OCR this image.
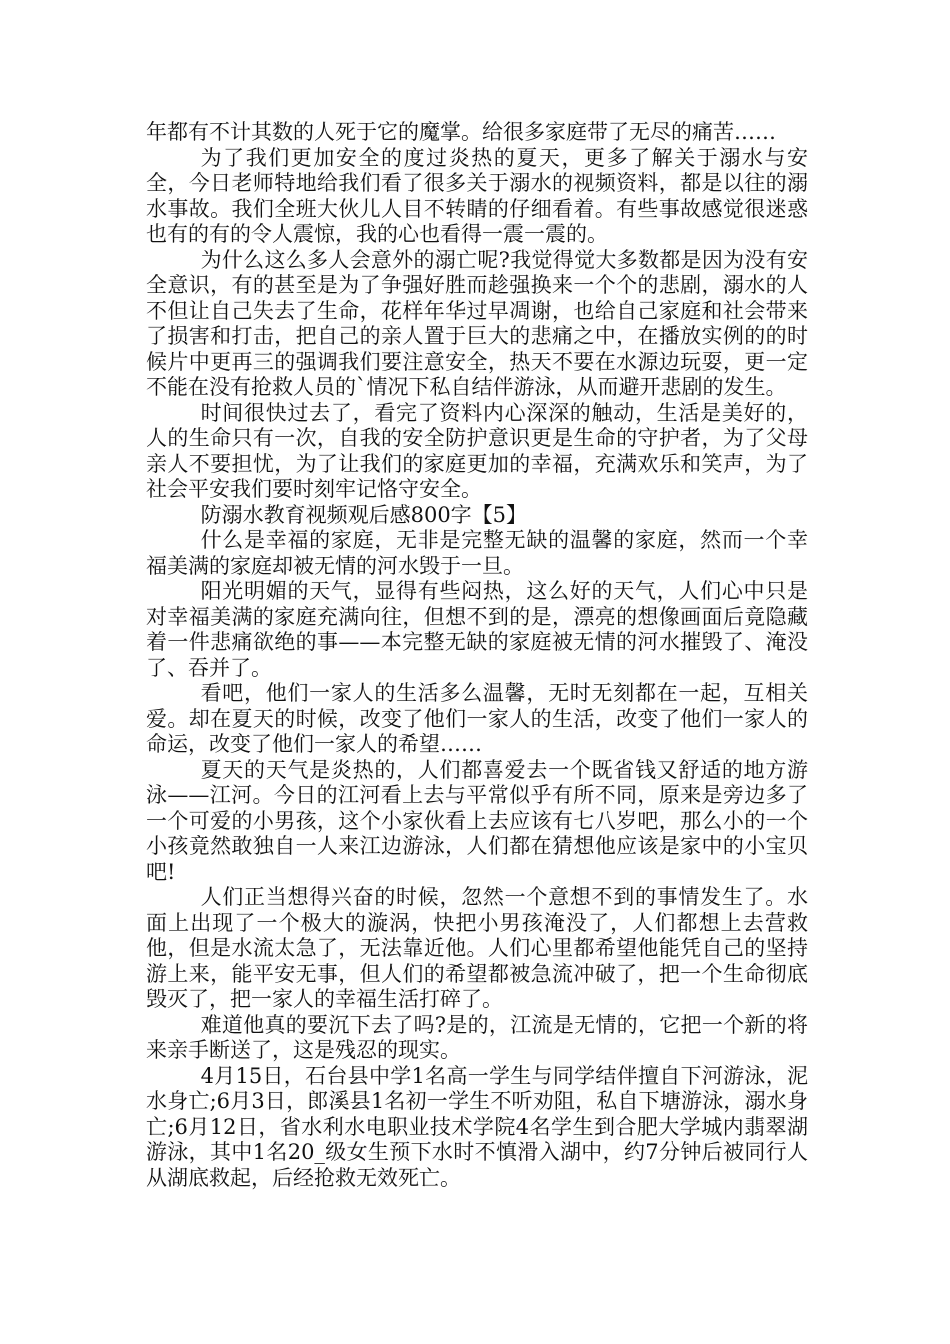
年都有不计其数的人死于它的魔掌。给很多家庭带了无尽的痛苦……

为了我们更加安全的度过炎热的夏天，更多了解关于溺水与安全，今日老师特地给我们看了很多关于溺水的视频资料，都是以往的溺水事故。我们全班大伙儿人目不转睛的仔细看着。有些事故感觉很迷惑也有的有的令人震惊，我的心也看得一震一震的。

为什么这么多人会意外的溺亡呢?我觉得觉大多数都是因为没有安全意识，有的甚至是为了争强好胜而趁强换来一个个的悲剧，溺水的人不但让自己失去了生命，花样年华过早凋谢，也给自己家庭和社会带来了损害和打击，把自己的亲人置于巨大的悲痛之中，在播放实例的的时候片中更再三的强调我们要注意安全，热天不要在水源边玩耍，更一定不能在没有抢救人员的`情况下私自结伴游泳，从而避开悲剧的发生。

时间很快过去了，看完了资料内心深深的触动，生活是美好的，人的生命只有一次，自我的安全防护意识更是生命的守护者，为了父母亲人不要担忧，为了让我们的家庭更加的幸福，充满欢乐和笑声，为了社会平安我们要时刻牢记恪守安全。

防溺水教育视频观后感800字【5】

什么是幸福的家庭，无非是完整无缺的温馨的家庭，然而一个幸福美满的家庭却被无情的河水毁于一旦。

阳光明媚的天气，显得有些闷热，这么好的天气，人们心中只是对幸福美满的家庭充满向往，但想不到的是，漂亮的想像画面后竟隐藏着一件悲痛欲绝的事——本完整无缺的家庭被无情的河水摧毁了、淹没了、吞并了。

看吧，他们一家人的生活多么温馨，无时无刻都在一起，互相关爱。却在夏天的时候，改变了他们一家人的生活，改变了他们一家人的命运，改变了他们一家人的希望……

夏天的天气是炎热的，人们都喜爱去一个既省钱又舒适的地方游泳——江河。今日的江河看上去与平常似乎有所不同，原来是旁边多了一个可爱的小男孩，这个小家伙看上去应该有七八岁吧，那么小的一个小孩竟然敢独自一人来江边游泳，人们都在猜想他应该是家中的小宝贝吧!

人们正当想得兴奋的时候，忽然一个意想不到的事情发生了。水面上出现了一个极大的漩涡，快把小男孩淹没了，人们都想上去营救他，但是水流太急了，无法靠近他。人们心里都希望他能凭自己的坚持游上来，能平安无事，但人们的希望都被急流冲破了，把一个生命彻底毁灭了，把一家人的幸福生活打碎了。

难道他真的要沉下去了吗?是的，江流是无情的，它把一个新的将来亲手断送了，这是残忍的现实。

4月15日，石台县中学1名高一学生与同学结伴擅自下河游泳，泥水身亡;6月3日，郎溪县1名初一学生不听劝阻，私自下塘游泳，溺水身亡;6月12日，省水利水电职业技术学院4名学生到合肥大学城内翡翠湖游泳，其中1名20_级女生预下水时不慎滑入湖中，约7分钟后被同行人从湖底救起，后经抢救无效死亡。
